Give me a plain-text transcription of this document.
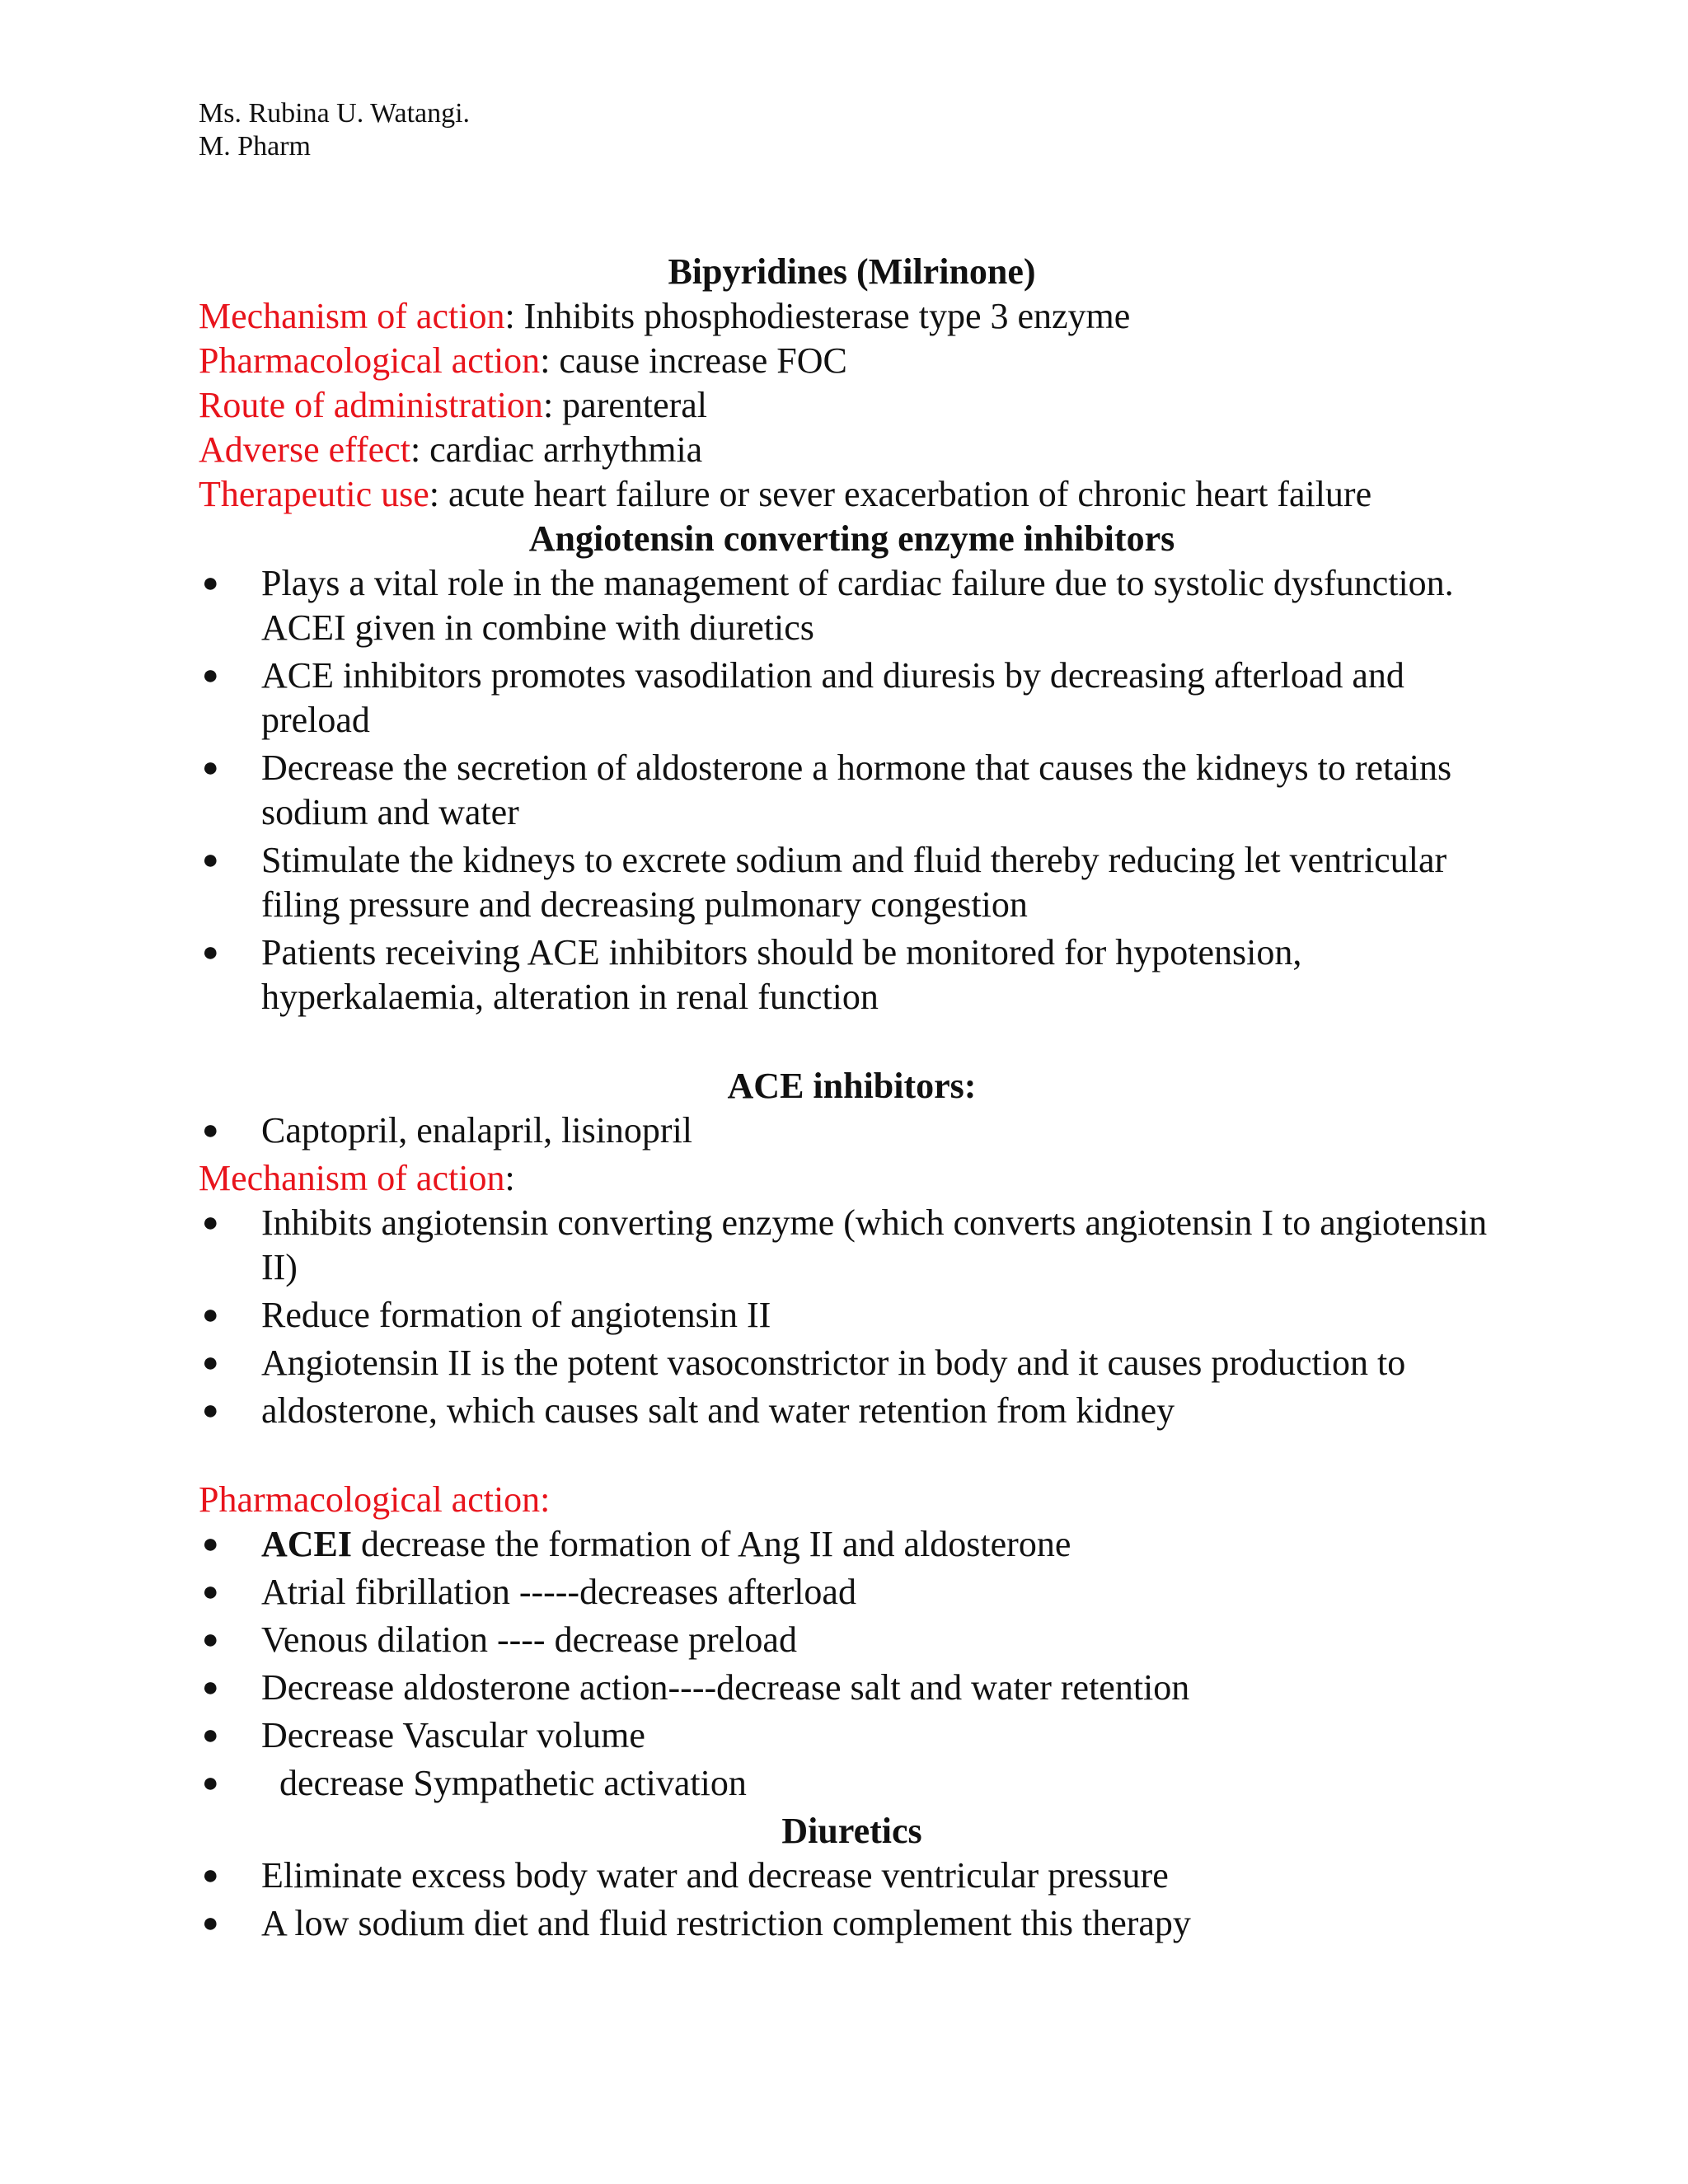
Ms. Rubina U. Watangi.
M. Pharm
Bipyridines (Milrinone)
Mechanism of action: Inhibits phosphodiesterase type 3 enzyme
Pharmacological action: cause increase FOC
Route of administration: parenteral
Adverse effect: cardiac arrhythmia
Therapeutic use: acute heart failure or sever exacerbation of chronic heart failure
Angiotensin converting enzyme inhibitors
● Plays a vital role in the management of cardiac failure due to systolic dysfunction. ACEI given in combine with diuretics
● ACE inhibitors promotes vasodilation and diuresis by decreasing afterload and preload
● Decrease the secretion of aldosterone a hormone that causes the kidneys to retains sodium and water
● Stimulate the kidneys to excrete sodium and fluid thereby reducing let ventricular filing pressure and decreasing pulmonary congestion
● Patients receiving ACE inhibitors should be monitored for hypotension, hyperkalaemia, alteration in renal function
ACE inhibitors:
● Captopril, enalapril, lisinopril
Mechanism of action:
● Inhibits angiotensin converting enzyme (which converts angiotensin I to angiotensin II)
● Reduce formation of angiotensin II
● Angiotensin II is the potent vasoconstrictor in body and it causes production to
● aldosterone, which causes salt and water retention from kidney
Pharmacological action:
● ACEI decrease the formation of Ang II and aldosterone
● Atrial fibrillation -----decreases afterload
● Venous dilation ---- decrease preload
● Decrease aldosterone action----decrease salt and water retention
● Decrease Vascular volume
● decrease Sympathetic activation
Diuretics
● Eliminate excess body water and decrease ventricular pressure
● A low sodium diet and fluid restriction complement this therapy
